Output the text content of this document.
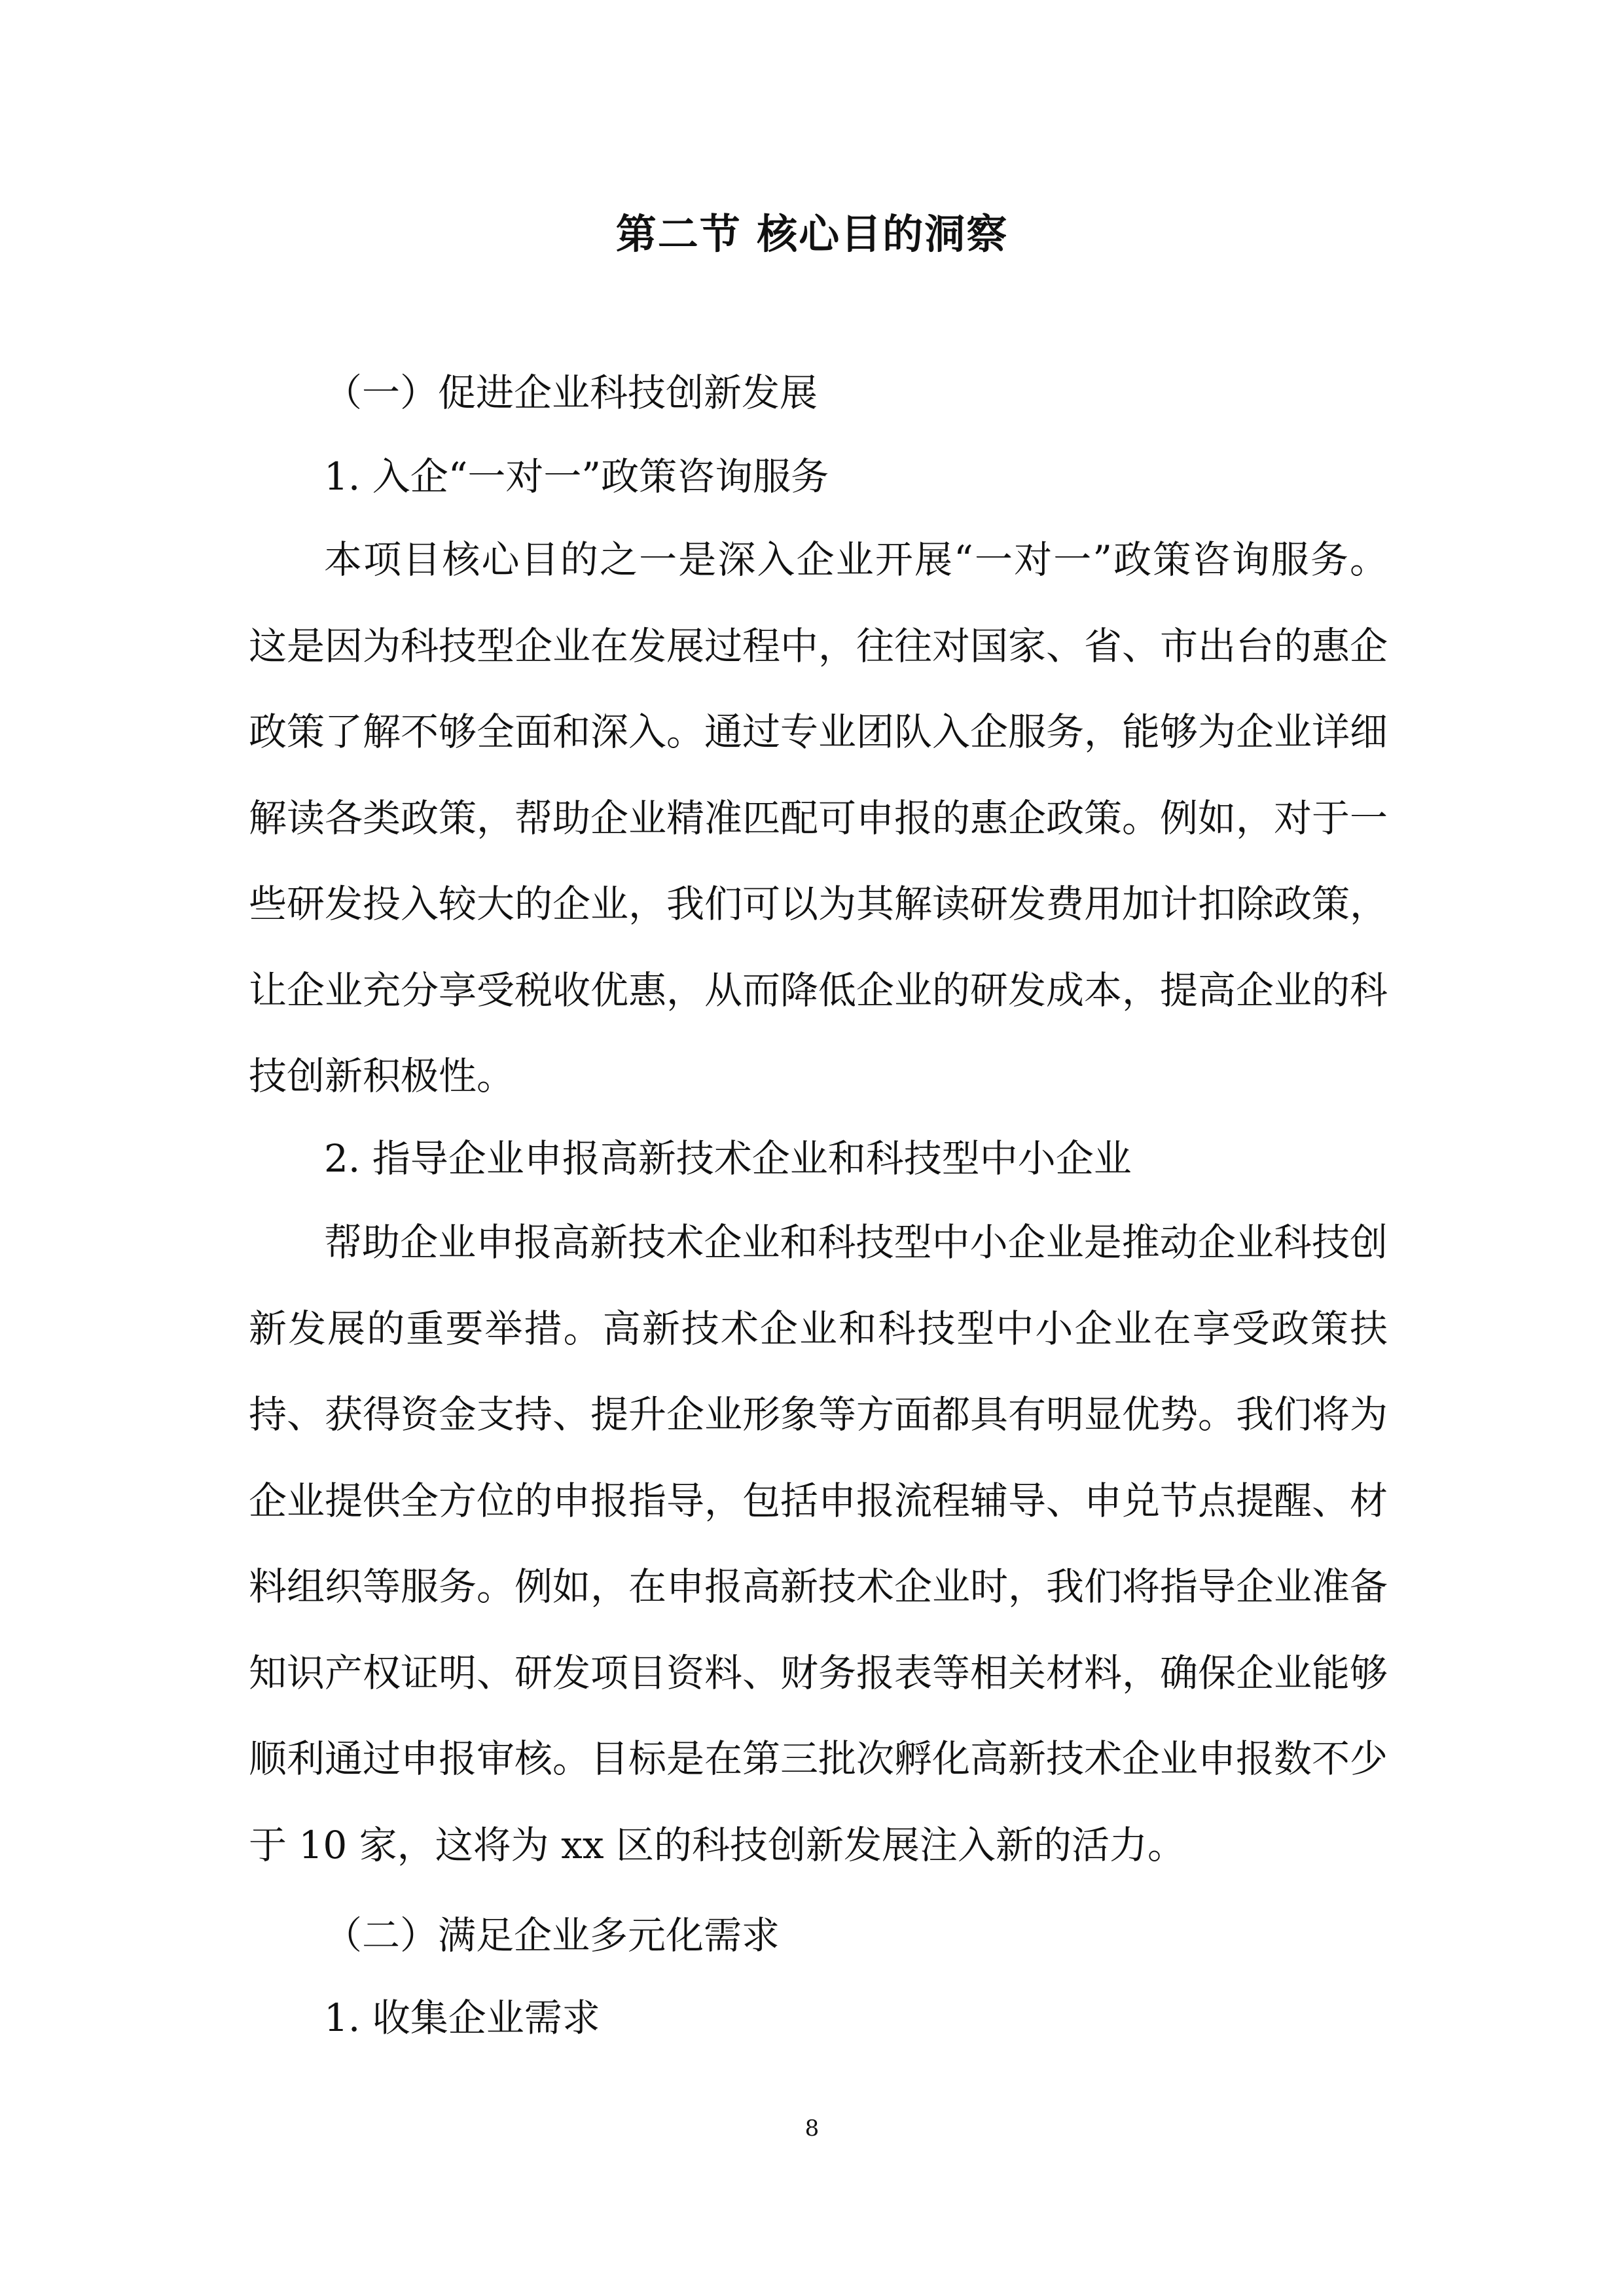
第二节 核心目的洞察
（一）促进企业科技创新发展
1. 入企“一对一”政策咨询服务

本项目核心目的之一是深入企业开展“一对一”政策咨询服务。这是因为科技型企业在发展过程中，往往对国家、省、市出台的惠企政策了解不够全面和深入。通过专业团队入企服务，能够为企业详细解读各类政策，帮助企业精准匹配可申报的惠企政策。例如，对于一些研发投入较大的企业，我们可以为其解读研发费用加计扣除政策，让企业充分享受税收优惠，从而降低企业的研发成本，提高企业的科技创新积极性。

2. 指导企业申报高新技术企业和科技型中小企业

帮助企业申报高新技术企业和科技型中小企业是推动企业科技创新发展的重要举措。高新技术企业和科技型中小企业在享受政策扶持、获得资金支持、提升企业形象等方面都具有明显优势。我们将为企业提供全方位的申报指导，包括申报流程辅导、申兑节点提醒、材料组织等服务。例如，在申报高新技术企业时，我们将指导企业准备知识产权证明、研发项目资料、财务报表等相关材料，确保企业能够顺利通过申报审核。目标是在第三批次孵化高新技术企业申报数不少于 10 家，这将为 xx 区的科技创新发展注入新的活力。

（二）满足企业多元化需求
1. 收集企业需求
8
